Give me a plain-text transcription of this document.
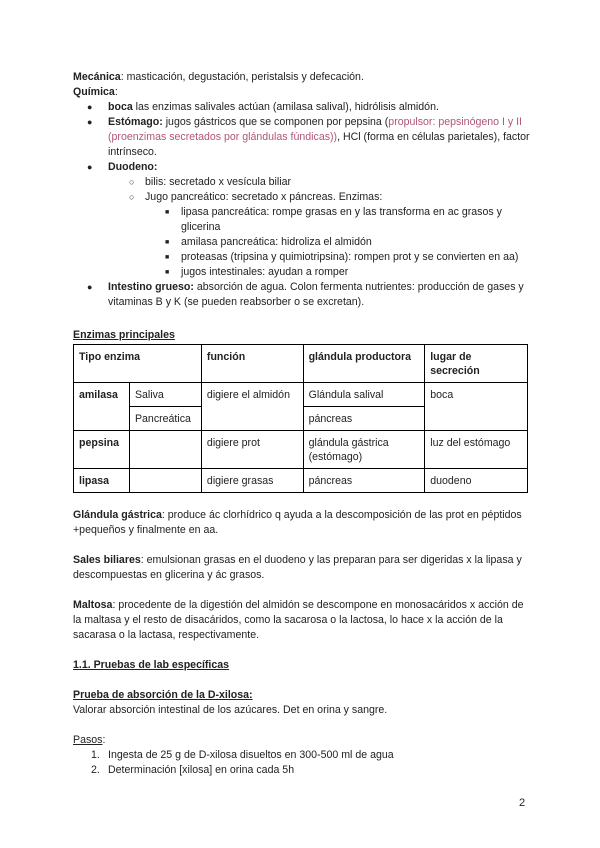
Mecánica: masticación, degustación, peristalsis y defecación.

Química:

● boca las enzimas salivales actúan (amilasa salival), hidrólisis almidón.
● Estómago: jugos gástricos que se componen por pepsina (propulsor: pepsinógeno I y II (proenzimas secretados por glándulas fúndicas)), HCl (forma en células parietales), factor intrínseco.
● Duodeno:
○ bilis: secretado x vesícula biliar
○ Jugo pancreático: secretado x páncreas. Enzimas:
■ lipasa pancreática: rompe grasas en y las transforma en ac grasos y glicerina
■ amilasa pancreática: hidroliza el almidón
■ proteasas (tripsina y quimiotripsina): rompen prot y se convierten en aa)
■ jugos intestinales: ayudan a romper
● Intestino grueso: absorción de agua. Colon fermenta nutrientes: producción de gases y vitaminas B y K (se pueden reabsorber o se excretan).

Enzimas principales

Tipo enzima		función	glándula productora	lugar de secreción
amilasa	Saliva	digiere el almidón	Glándula salival	boca
	Pancreática		páncreas	
pepsina		digiere prot	glándula gástrica (estómago)	luz del estómago
lipasa		digiere grasas	páncreas	duodeno

Glándula gástrica: produce ác clorhídrico q ayuda a la descomposición de las prot en péptidos +pequeños y finalmente en aa.

Sales biliares: emulsionan grasas en el duodeno y las preparan para ser digeridas x la lipasa y descompuestas en glicerina y ác grasos.

Maltosa: procedente de la digestión del almidón se descompone en monosacáridos x acción de la maltasa y el resto de disacáridos, como la sacarosa o la lactosa, lo hace x la acción de la sacarasa o la lactasa, respectivamente.

1.1. Pruebas de lab específicas

Prueba de absorción de la D-xilosa:

Valorar absorción intestinal de los azúcares. Det en orina y sangre.

Pasos:

1. Ingesta de 25 g de D-xilosa disueltos en 300-500 ml de agua

2. Determinación [xilosa] en orina cada 5h

2
